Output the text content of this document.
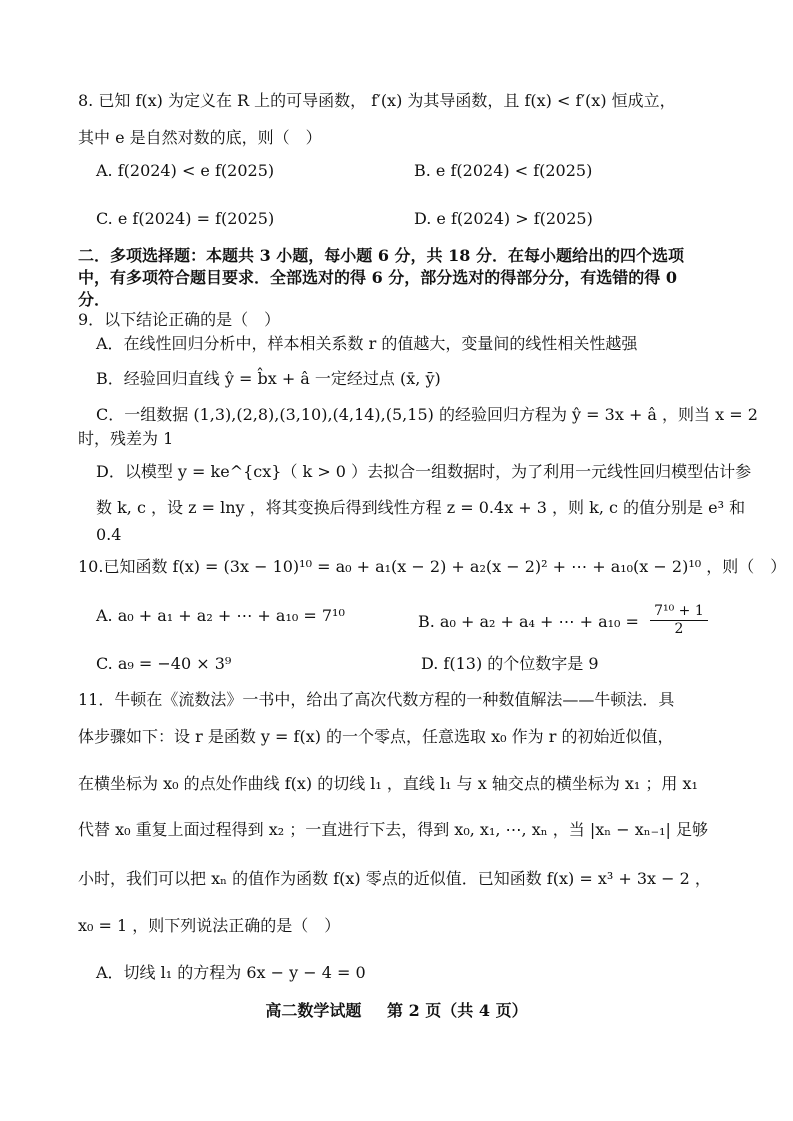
8. 已知 f(x) 为定义在 R 上的可导函数， f′(x) 为其导函数，且 f(x) < f′(x) 恒成立，
其中 e 是自然对数的底，则（　）
A. f(2024) < e f(2025)	B. e f(2024) < f(2025)
C. e f(2024) = f(2025)	D. e f(2024) > f(2025)
二．多项选择题：本题共 3 小题，每小题 6 分，共 18 分．在每小题给出的四个选项
中，有多项符合题目要求．全部选对的得 6 分，部分选对的得部分分，有选错的得 0
分．
9．以下结论正确的是（　）
A．在线性回归分析中，样本相关系数 r 的值越大，变量间的线性相关性越强
B．经验回归直线 ŷ = b̂x + â 一定经过点 (x̄, ȳ)
C．一组数据 (1,3),(2,8),(3,10),(4,14),(5,15) 的经验回归方程为 ŷ = 3x + â ，则当 x = 2
时，残差为 1
D．以模型 y = ke^{cx}（ k > 0 ）去拟合一组数据时，为了利用一元线性回归模型估计参
数 k, c ，设 z = lny ，将其变换后得到线性方程 z = 0.4x + 3 ，则 k, c 的值分别是 e³ 和
0.4
10.已知函数 f(x) = (3x − 10)¹⁰ = a₀ + a₁(x − 2) + a₂(x − 2)² + ⋯ + a₁₀(x − 2)¹⁰ ，则（　）
A. a₀ + a₁ + a₂ + ⋯ + a₁₀ = 7¹⁰	B. a₀ + a₂ + a₄ + ⋯ + $a_{10} = \frac{\text{7¹⁰ + 1}}{2}$
C. a₉ = −40 × 3⁹	D. f(13) 的个位数字是 9
11．牛顿在《流数法》一书中，给出了高次代数方程的一种数值解法——牛顿法．具
体步骤如下：设 r 是函数 y = f(x) 的一个零点，任意选取 x₀ 作为 r 的初始近似值，
在横坐标为 x₀ 的点处作曲线 f(x) 的切线 l₁ ，直线 l₁ 与 x 轴交点的横坐标为 x₁ ；用 x₁
代替 x₀ 重复上面过程得到 x₂ ；一直进行下去，得到 x₀, x₁, ⋯, xₙ ，当 |xₙ − xₙ₋₁| 足够
小时，我们可以把 xₙ 的值作为函数 f(x) 零点的近似值．已知函数 f(x) = x³ + 3x − 2 ，
x₀ = 1 ，则下列说法正确的是（　）
A．切线 l₁ 的方程为 6x − y − 4 = 0
高二数学试题 第 2 页（共 4 页）
